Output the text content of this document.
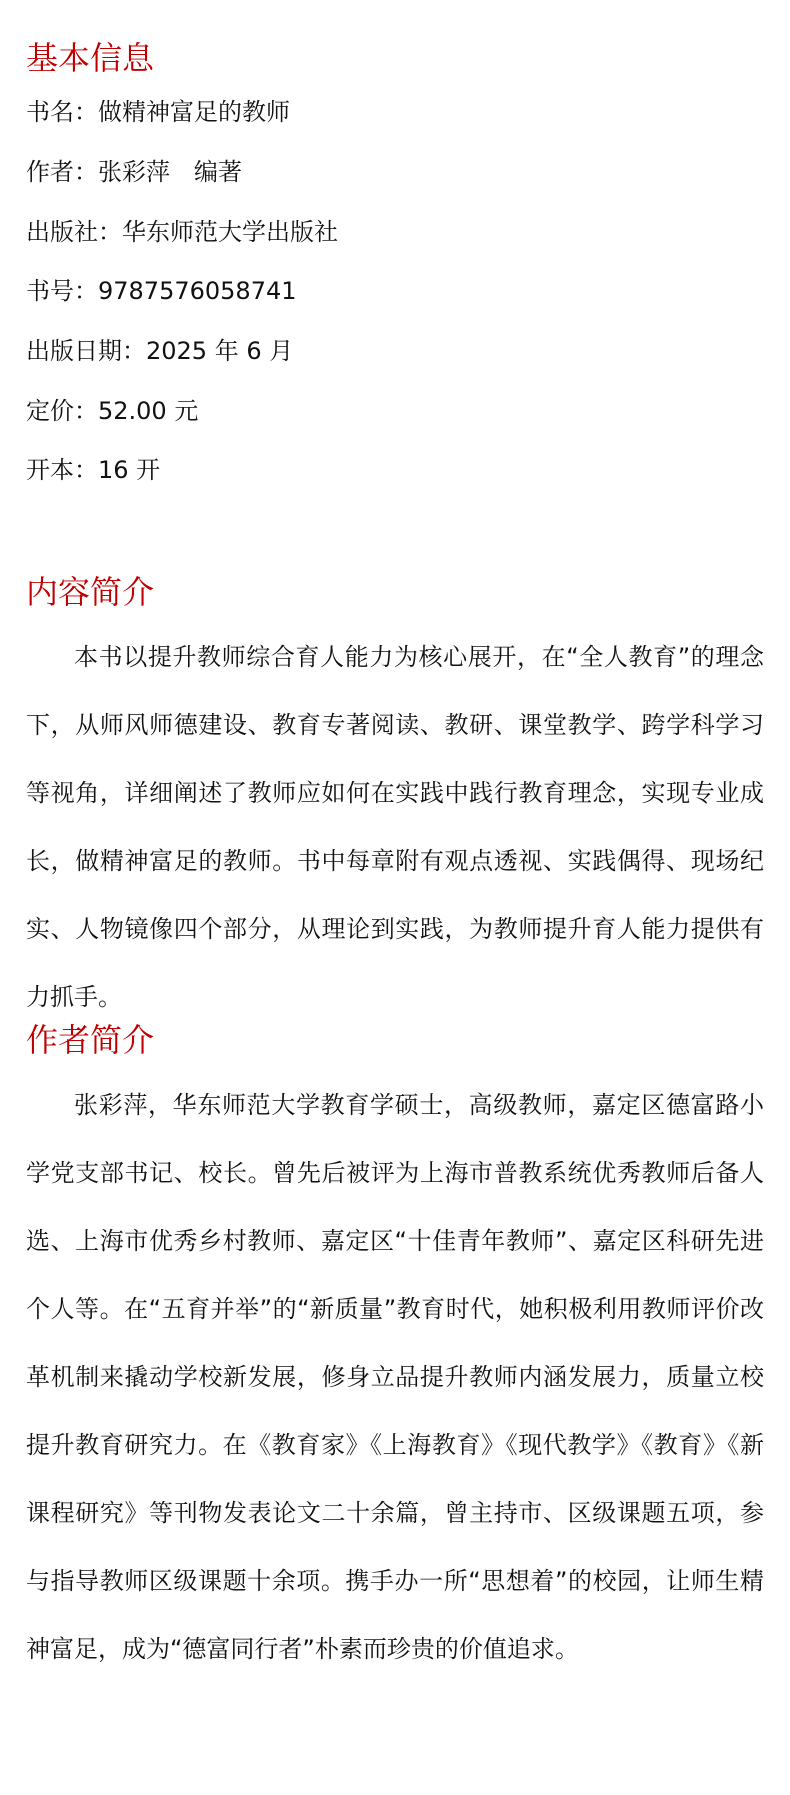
基本信息

书名：做精神富足的教师

作者：张彩萍　编著

出版社：华东师范大学出版社

书号：9787576058741

出版日期：2025 年 6 月

定价：52.00 元

开本：16 开

内容简介

本书以提升教师综合育人能力为核心展开，在“全人教育”的理念下，从师风师德建设、教育专著阅读、教研、课堂教学、跨学科学习等视角，详细阐述了教师应如何在实践中践行教育理念，实现专业成长，做精神富足的教师。书中每章附有观点透视、实践偶得、现场纪实、人物镜像四个部分，从理论到实践，为教师提升育人能力提供有力抓手。

作者简介

张彩萍，华东师范大学教育学硕士，高级教师，嘉定区德富路小学党支部书记、校长。曾先后被评为上海市普教系统优秀教师后备人选、上海市优秀乡村教师、嘉定区“十佳青年教师”、嘉定区科研先进个人等。在“五育并举”的“新质量”教育时代，她积极利用教师评价改革机制来撬动学校新发展，修身立品提升教师内涵发展力，质量立校提升教育研究力。在《教育家》《上海教育》《现代教学》《教育》《新课程研究》等刊物发表论文二十余篇，曾主持市、区级课题五项，参与指导教师区级课题十余项。携手办一所“思想着”的校园，让师生精神富足，成为“德富同行者”朴素而珍贵的价值追求。
